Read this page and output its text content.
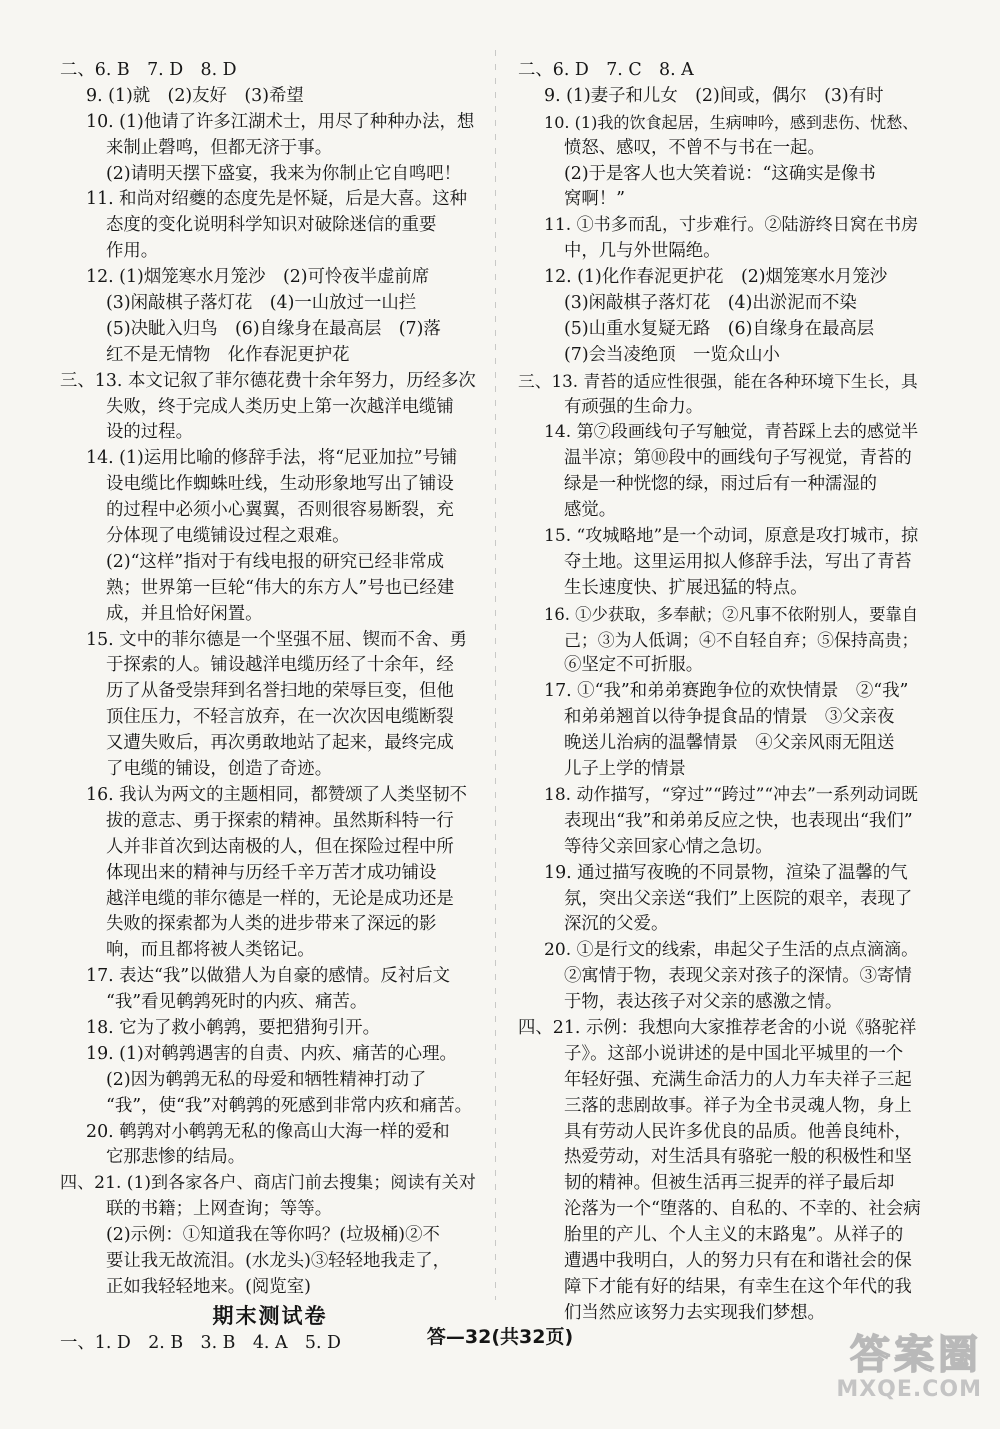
二、6. B　7. D　8. D
9. (1)就　(2)友好　(3)希望
10. (1)他请了许多江湖术士，用尽了种种办法，想
来制止磬鸣，但都无济于事。
(2)请明天摆下盛宴，我来为你制止它自鸣吧！
11. 和尚对绍夔的态度先是怀疑，后是大喜。这种
态度的变化说明科学知识对破除迷信的重要
作用。
12. (1)烟笼寒水月笼沙　(2)可怜夜半虚前席
(3)闲敲棋子落灯花　(4)一山放过一山拦
(5)决眦入归鸟　(6)自缘身在最高层　(7)落
红不是无情物　化作春泥更护花
三、13. 本文记叙了菲尔德花费十余年努力，历经多次
失败，终于完成人类历史上第一次越洋电缆铺
设的过程。
14. (1)运用比喻的修辞手法，将“尼亚加拉”号铺
设电缆比作蜘蛛吐线，生动形象地写出了铺设
的过程中必须小心翼翼，否则很容易断裂，充
分体现了电缆铺设过程之艰难。
(2)“这样”指对于有线电报的研究已经非常成
熟；世界第一巨轮“伟大的东方人”号也已经建
成，并且恰好闲置。
15. 文中的菲尔德是一个坚强不屈、锲而不舍、勇
于探索的人。铺设越洋电缆历经了十余年，经
历了从备受崇拜到名誉扫地的荣辱巨变，但他
顶住压力，不轻言放弃，在一次次因电缆断裂
又遭失败后，再次勇敢地站了起来，最终完成
了电缆的铺设，创造了奇迹。
16. 我认为两文的主题相同，都赞颂了人类坚韧不
拔的意志、勇于探索的精神。虽然斯科特一行
人并非首次到达南极的人，但在探险过程中所
体现出来的精神与历经千辛万苦才成功铺设
越洋电缆的菲尔德是一样的，无论是成功还是
失败的探索都为人类的进步带来了深远的影
响，而且都将被人类铭记。
17. 表达“我”以做猎人为自豪的感情。反衬后文
“我”看见鹌鹑死时的内疚、痛苦。
18. 它为了救小鹌鹑，要把猎狗引开。
19. (1)对鹌鹑遇害的自责、内疚、痛苦的心理。
(2)因为鹌鹑无私的母爱和牺牲精神打动了
“我”，使“我”对鹌鹑的死感到非常内疚和痛苦。
20. 鹌鹑对小鹌鹑无私的像高山大海一样的爱和
它那悲惨的结局。
四、21. (1)到各家各户、商店门前去搜集；阅读有关对
联的书籍；上网查询；等等。
(2)示例：①知道我在等你吗？(垃圾桶)②不
要让我无故流泪。(水龙头)③轻轻地我走了，
正如我轻轻地来。(阅览室)
期末测试卷
一、1. D　2. B　3. B　4. A　5. D
二、6. D　7. C　8. A
9. (1)妻子和儿女　(2)间或，偶尔　(3)有时
10. (1)我的饮食起居，生病呻吟，感到悲伤、忧愁、
愤怒、感叹，不曾不与书在一起。
(2)于是客人也大笑着说：“这确实是像书
窝啊！”
11. ①书多而乱，寸步难行。②陆游终日窝在书房
中，几与外世隔绝。
12. (1)化作春泥更护花　(2)烟笼寒水月笼沙
(3)闲敲棋子落灯花　(4)出淤泥而不染
(5)山重水复疑无路　(6)自缘身在最高层
(7)会当凌绝顶　一览众山小
三、13. 青苔的适应性很强，能在各种环境下生长，具
有顽强的生命力。
14. 第⑦段画线句子写触觉，青苔踩上去的感觉半
温半凉；第⑩段中的画线句子写视觉，青苔的
绿是一种恍惚的绿，雨过后有一种濡湿的
感觉。
15. “攻城略地”是一个动词，原意是攻打城市，掠
夺土地。这里运用拟人修辞手法，写出了青苔
生长速度快、扩展迅猛的特点。
16. ①少获取，多奉献；②凡事不依附别人，要靠自
己；③为人低调；④不自轻自弃；⑤保持高贵；
⑥坚定不可折服。
17. ①“我”和弟弟赛跑争位的欢快情景　②“我”
和弟弟翘首以待争提食品的情景　③父亲夜
晚送儿治病的温馨情景　④父亲风雨无阻送
儿子上学的情景
18. 动作描写，“穿过”“跨过”“冲去”一系列动词既
表现出“我”和弟弟反应之快，也表现出“我们”
等待父亲回家心情之急切。
19. 通过描写夜晚的不同景物，渲染了温馨的气
氛，突出父亲送“我们”上医院的艰辛，表现了
深沉的父爱。
20. ①是行文的线索，串起父子生活的点点滴滴。
②寓情于物，表现父亲对孩子的深情。③寄情
于物，表达孩子对父亲的感激之情。
四、21. 示例：我想向大家推荐老舍的小说《骆驼祥
子》。这部小说讲述的是中国北平城里的一个
年轻好强、充满生命活力的人力车夫祥子三起
三落的悲剧故事。祥子为全书灵魂人物，身上
具有劳动人民许多优良的品质。他善良纯朴，
热爱劳动，对生活具有骆驼一般的积极性和坚
韧的精神。但被生活再三捉弄的祥子最后却
沦落为一个“堕落的、自私的、不幸的、社会病
胎里的产儿、个人主义的末路鬼”。从祥子的
遭遇中我明白，人的努力只有在和谐社会的保
障下才能有好的结果，有幸生在这个年代的我
们当然应该努力去实现我们梦想。
答—32(共32页)	答案圈
MXQE.COM
